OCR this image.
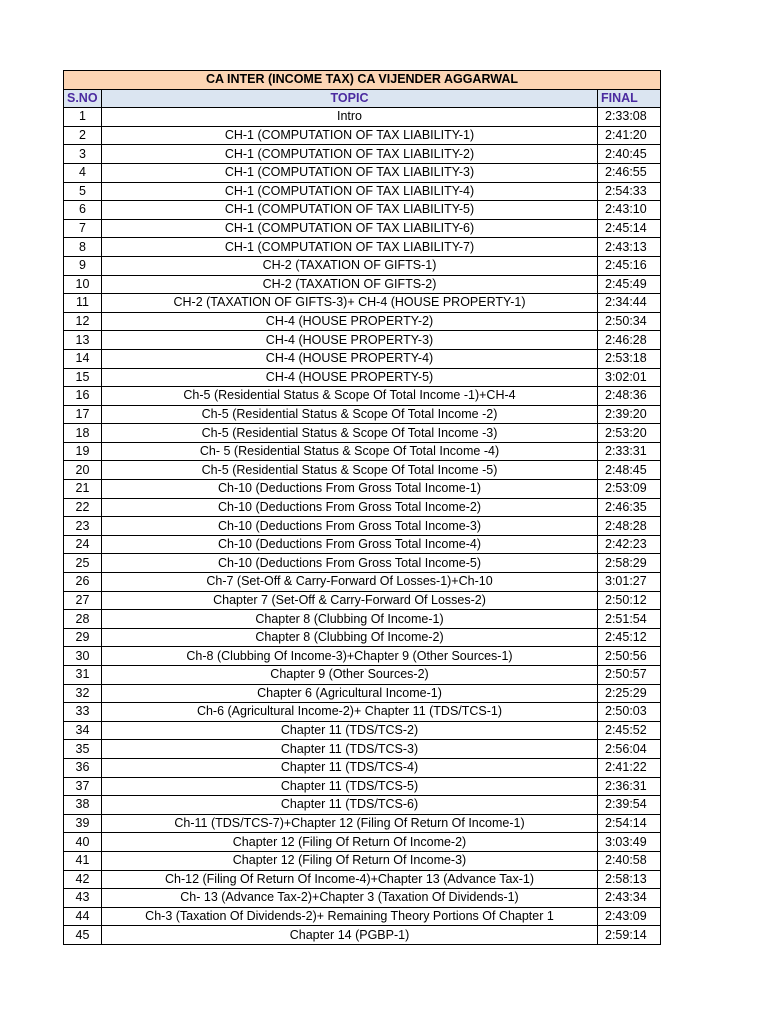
CA INTER (INCOME TAX) CA VIJENDER AGGARWAL		
S.NO	TOPIC	FINAL
1	Intro	2:33:08
2	CH-1 (COMPUTATION OF TAX LIABILITY-1)	2:41:20
3	CH-1 (COMPUTATION OF TAX LIABILITY-2)	2:40:45
4	CH-1 (COMPUTATION OF TAX LIABILITY-3)	2:46:55
5	CH-1 (COMPUTATION OF TAX LIABILITY-4)	2:54:33
6	CH-1 (COMPUTATION OF TAX LIABILITY-5)	2:43:10
7	CH-1 (COMPUTATION OF TAX LIABILITY-6)	2:45:14
8	CH-1 (COMPUTATION OF TAX LIABILITY-7)	2:43:13
9	CH-2 (TAXATION OF GIFTS-1)	2:45:16
10	CH-2 (TAXATION OF GIFTS-2)	2:45:49
11	CH-2 (TAXATION OF GIFTS-3)+ CH-4 (HOUSE PROPERTY-1)	2:34:44
12	CH-4 (HOUSE PROPERTY-2)	2:50:34
13	CH-4 (HOUSE PROPERTY-3)	2:46:28
14	CH-4 (HOUSE PROPERTY-4)	2:53:18
15	CH-4 (HOUSE PROPERTY-5)	3:02:01
16	Ch-5 (Residential Status & Scope Of Total Income -1)+CH-4	2:48:36
17	Ch-5 (Residential Status & Scope Of Total Income -2)	2:39:20
18	Ch-5 (Residential Status & Scope Of Total Income -3)	2:53:20
19	Ch- 5 (Residential Status & Scope Of Total Income -4)	2:33:31
20	Ch-5 (Residential Status & Scope Of Total Income -5)	2:48:45
21	Ch-10 (Deductions From Gross Total Income-1)	2:53:09
22	Ch-10 (Deductions From Gross Total Income-2)	2:46:35
23	Ch-10 (Deductions From Gross Total Income-3)	2:48:28
24	Ch-10 (Deductions From Gross Total Income-4)	2:42:23
25	Ch-10 (Deductions From Gross Total Income-5)	2:58:29
26	Ch-7 (Set-Off & Carry-Forward Of Losses-1)+Ch-10	3:01:27
27	Chapter 7 (Set-Off & Carry-Forward Of Losses-2)	2:50:12
28	Chapter 8 (Clubbing Of Income-1)	2:51:54
29	Chapter 8 (Clubbing Of Income-2)	2:45:12
30	Ch-8 (Clubbing Of Income-3)+Chapter 9 (Other Sources-1)	2:50:56
31	Chapter 9 (Other Sources-2)	2:50:57
32	Chapter 6 (Agricultural Income-1)	2:25:29
33	Ch-6 (Agricultural Income-2)+ Chapter 11 (TDS/TCS-1)	2:50:03
34	Chapter 11 (TDS/TCS-2)	2:45:52
35	Chapter 11 (TDS/TCS-3)	2:56:04
36	Chapter 11 (TDS/TCS-4)	2:41:22
37	Chapter 11 (TDS/TCS-5)	2:36:31
38	Chapter 11 (TDS/TCS-6)	2:39:54
39	Ch-11 (TDS/TCS-7)+Chapter 12 (Filing Of Return Of Income-1)	2:54:14
40	Chapter 12 (Filing Of Return Of Income-2)	3:03:49
41	Chapter 12 (Filing Of Return Of Income-3)	2:40:58
42	Ch-12 (Filing Of Return Of Income-4)+Chapter 13 (Advance Tax-1)	2:58:13
43	Ch- 13 (Advance Tax-2)+Chapter 3 (Taxation Of Dividends-1)	2:43:34
44	Ch-3 (Taxation Of Dividends-2)+ Remaining Theory Portions Of Chapter 1	2:43:09
45	Chapter 14 (PGBP-1)	2:59:14
